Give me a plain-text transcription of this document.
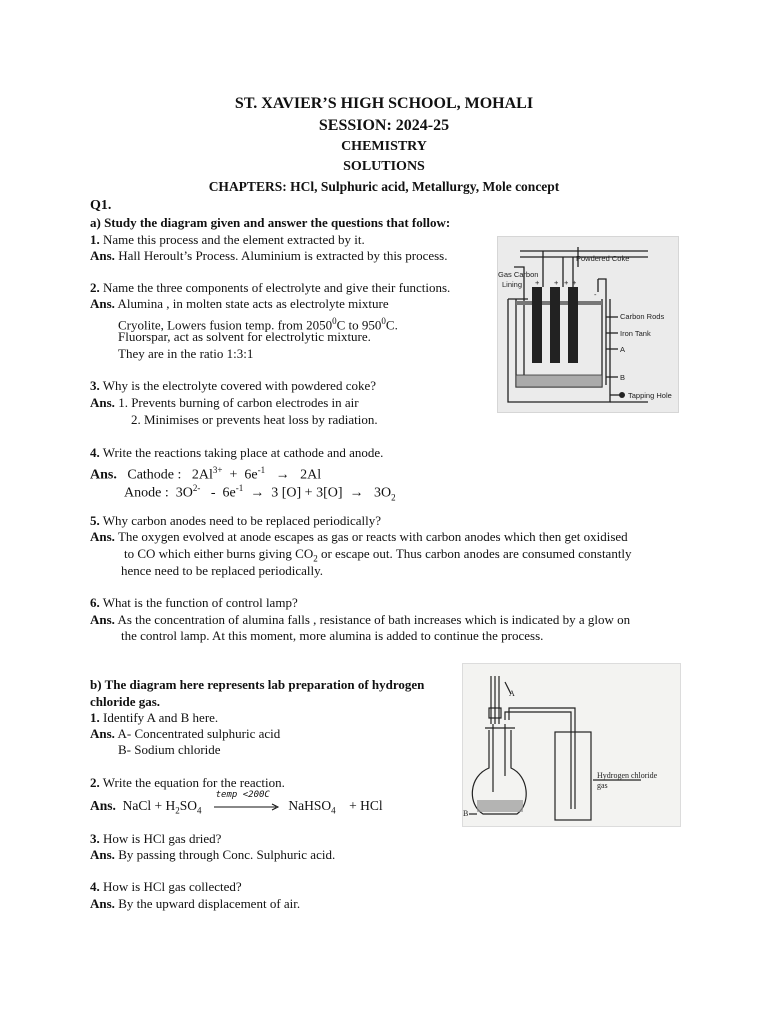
ST. XAVIER’S HIGH SCHOOL, MOHALI
SESSION: 2024-25
CHEMISTRY
SOLUTIONS
CHAPTERS: HCl, Sulphuric acid, Metallurgy, Mole concept
Q1.
a) Study the diagram given and answer the questions that follow:
1. Name this process and the element extracted by it.
Ans. Hall Heroult’s Process. Aluminium is extracted by this process.
2. Name the three components of electrolyte and give their functions.
Ans. Alumina , in molten state acts as electrolyte mixture
Cryolite, Lowers fusion temp. from 2050$^0$C to $950^0C$.
Fluorspar, act as solvent for electrolytic mixture.
They are in the ratio 1:3:1
3. Why is the electrolyte covered with powdered coke?
Ans. 1. Prevents burning of carbon electrodes in air
2. Minimises or prevents heat loss by radiation.
4. Write the reactions taking place at cathode and anode.
Ans. Cathode : $2Al^{3+} + 6e^{-1} \to 2Al$
Anode : $3O^{2-} - 6e^{-1} \to 3$ $[O] + 3[O] \to 3O_2$
5. Why carbon anodes need to be replaced periodically?
Ans. The oxygen evolved at anode escapes as gas or reacts with carbon anodes which then get oxidised
to CO which either burns giving $CO_2$ or escape out. Thus carbon anodes are consumed constantly
hence need to be replaced periodically.
6. What is the function of control lamp?
Ans. As the concentration of alumina falls , resistance of bath increases which is indicated by a glow on
the control lamp. At this moment, more alumina is added to continue the process.
Powdered Coke
Gas Carbon
Lining
Carbon Rods
Iron Tank
A
B
Tapping Hole
+ + + +
-
b) The diagram here represents lab preparation of hydrogen
chloride gas.
1. Identify A and B here.
Ans. A- Concentrated sulphuric acid
B- Sodium chloride
2. Write the equation for the reaction.
Ans. NaCl + $H_2SO_4$
temp <200C
NaHSO$_4$ + HCl
3. How is HCl gas dried?
Ans. By passing through Conc. Sulphuric acid.
4. How is HCl gas collected?
Ans. By the upward displacement of air.
A
B
Hydrogen chloride
gas
